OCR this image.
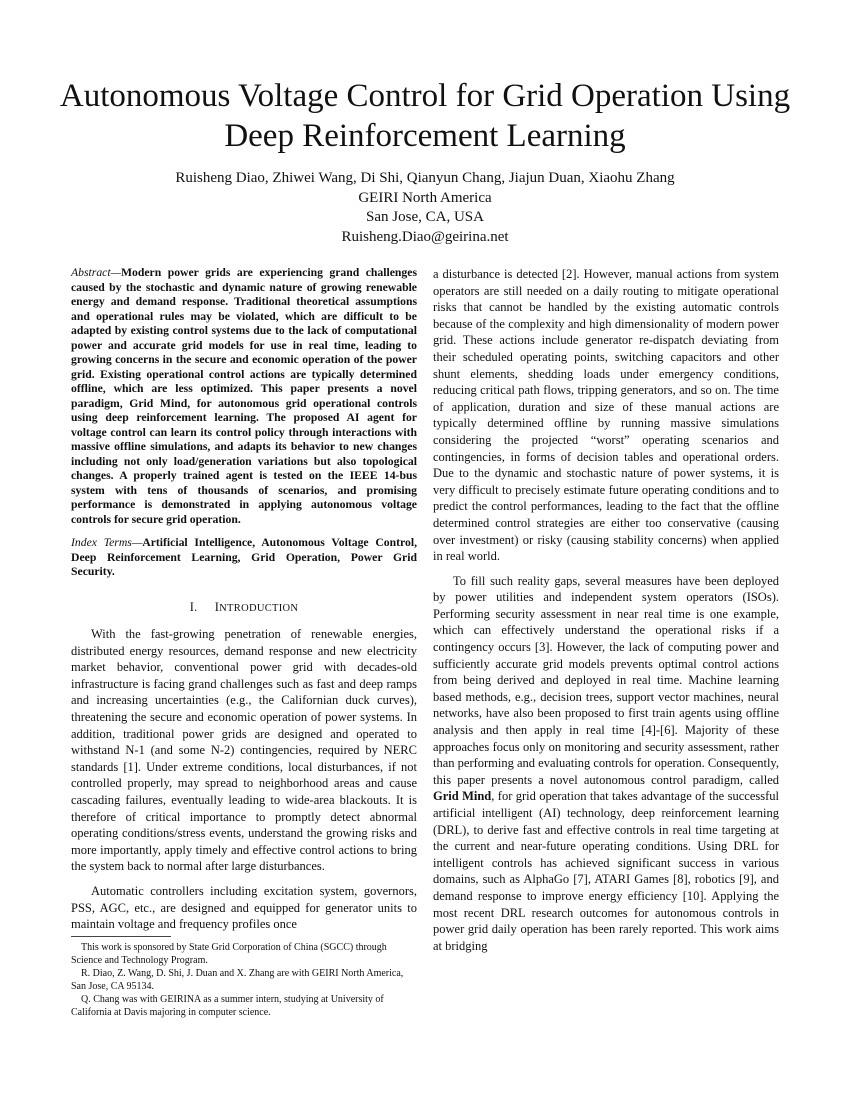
Autonomous Voltage Control for Grid Operation Using
Deep Reinforcement Learning
Ruisheng Diao, Zhiwei Wang, Di Shi, Qianyun Chang, Jiajun Duan, Xiaohu Zhang
GEIRI North America
San Jose, CA, USA
Ruisheng.Diao@geirina.net

Abstract—Modern power grids are experiencing grand challenges caused by the stochastic and dynamic nature of growing renewable energy and demand response. Traditional theoretical assumptions and operational rules may be violated, which are difficult to be adapted by existing control systems due to the lack of computational power and accurate grid models for use in real time, leading to growing concerns in the secure and economic operation of the power grid. Existing operational control actions are typically determined offline, which are less optimized. This paper presents a novel paradigm, Grid Mind, for autonomous grid operational controls using deep reinforcement learning. The proposed AI agent for voltage control can learn its control policy through interactions with massive offline simulations, and adapts its behavior to new changes including not only load/generation variations but also topological changes. A properly trained agent is tested on the IEEE 14-bus system with tens of thousands of scenarios, and promising performance is demonstrated in applying autonomous voltage controls for secure grid operation.

Index Terms—Artificial Intelligence, Autonomous Voltage Control, Deep Reinforcement Learning, Grid Operation, Power Grid Security.

I. INTRODUCTION

With the fast-growing penetration of renewable energies, distributed energy resources, demand response and new electricity market behavior, conventional power grid with decades-old infrastructure is facing grand challenges such as fast and deep ramps and increasing uncertainties (e.g., the Californian duck curves), threatening the secure and economic operation of power systems. In addition, traditional power grids are designed and operated to withstand N-1 (and some N-2) contingencies, required by NERC standards [1]. Under extreme conditions, local disturbances, if not controlled properly, may spread to neighborhood areas and cause cascading failures, eventually leading to wide-area blackouts. It is therefore of critical importance to promptly detect abnormal operating conditions/stress events, understand the growing risks and more importantly, apply timely and effective control actions to bring the system back to normal after large disturbances.

Automatic controllers including excitation system, governors, PSS, AGC, etc., are designed and equipped for generator units to maintain voltage and frequency profiles once

a disturbance is detected [2]. However, manual actions from system operators are still needed on a daily routing to mitigate operational risks that cannot be handled by the existing automatic controls because of the complexity and high dimensionality of modern power grid. These actions include generator re-dispatch deviating from their scheduled operating points, switching capacitors and other shunt elements, shedding loads under emergency conditions, reducing critical path flows, tripping generators, and so on. The time of application, duration and size of these manual actions are typically determined offline by running massive simulations considering the projected “worst” operating scenarios and contingencies, in forms of decision tables and operational orders. Due to the dynamic and stochastic nature of power systems, it is very difficult to precisely estimate future operating conditions and to predict the control performances, leading to the fact that the offline determined control strategies are either too conservative (causing over investment) or risky (causing stability concerns) when applied in real world.

To fill such reality gaps, several measures have been deployed by power utilities and independent system operators (ISOs). Performing security assessment in near real time is one example, which can effectively understand the operational risks if a contingency occurs [3]. However, the lack of computing power and sufficiently accurate grid models prevents optimal control actions from being derived and deployed in real time. Machine learning based methods, e.g., decision trees, support vector machines, neural networks, have also been proposed to first train agents using offline analysis and then apply in real time [4]-[6]. Majority of these approaches focus only on monitoring and security assessment, rather than performing and evaluating controls for operation. Consequently, this paper presents a novel autonomous control paradigm, called Grid Mind, for grid operation that takes advantage of the successful artificial intelligent (AI) technology, deep reinforcement learning (DRL), to derive fast and effective controls in real time targeting at the current and near-future operating conditions. Using DRL for intelligent controls has achieved significant success in various domains, such as AlphaGo [7], ATARI Games [8], robotics [9], and demand response to improve energy efficiency [10]. Applying the most recent DRL research outcomes for autonomous controls in power grid daily operation has been rarely reported. This work aims at bridging

This work is sponsored by State Grid Corporation of China (SGCC) through Science and Technology Program.

R. Diao, Z. Wang, D. Shi, J. Duan and X. Zhang are with GEIRI North America, San Jose, CA 95134.

Q. Chang was with GEIRINA as a summer intern, studying at University of California at Davis majoring in computer science.
